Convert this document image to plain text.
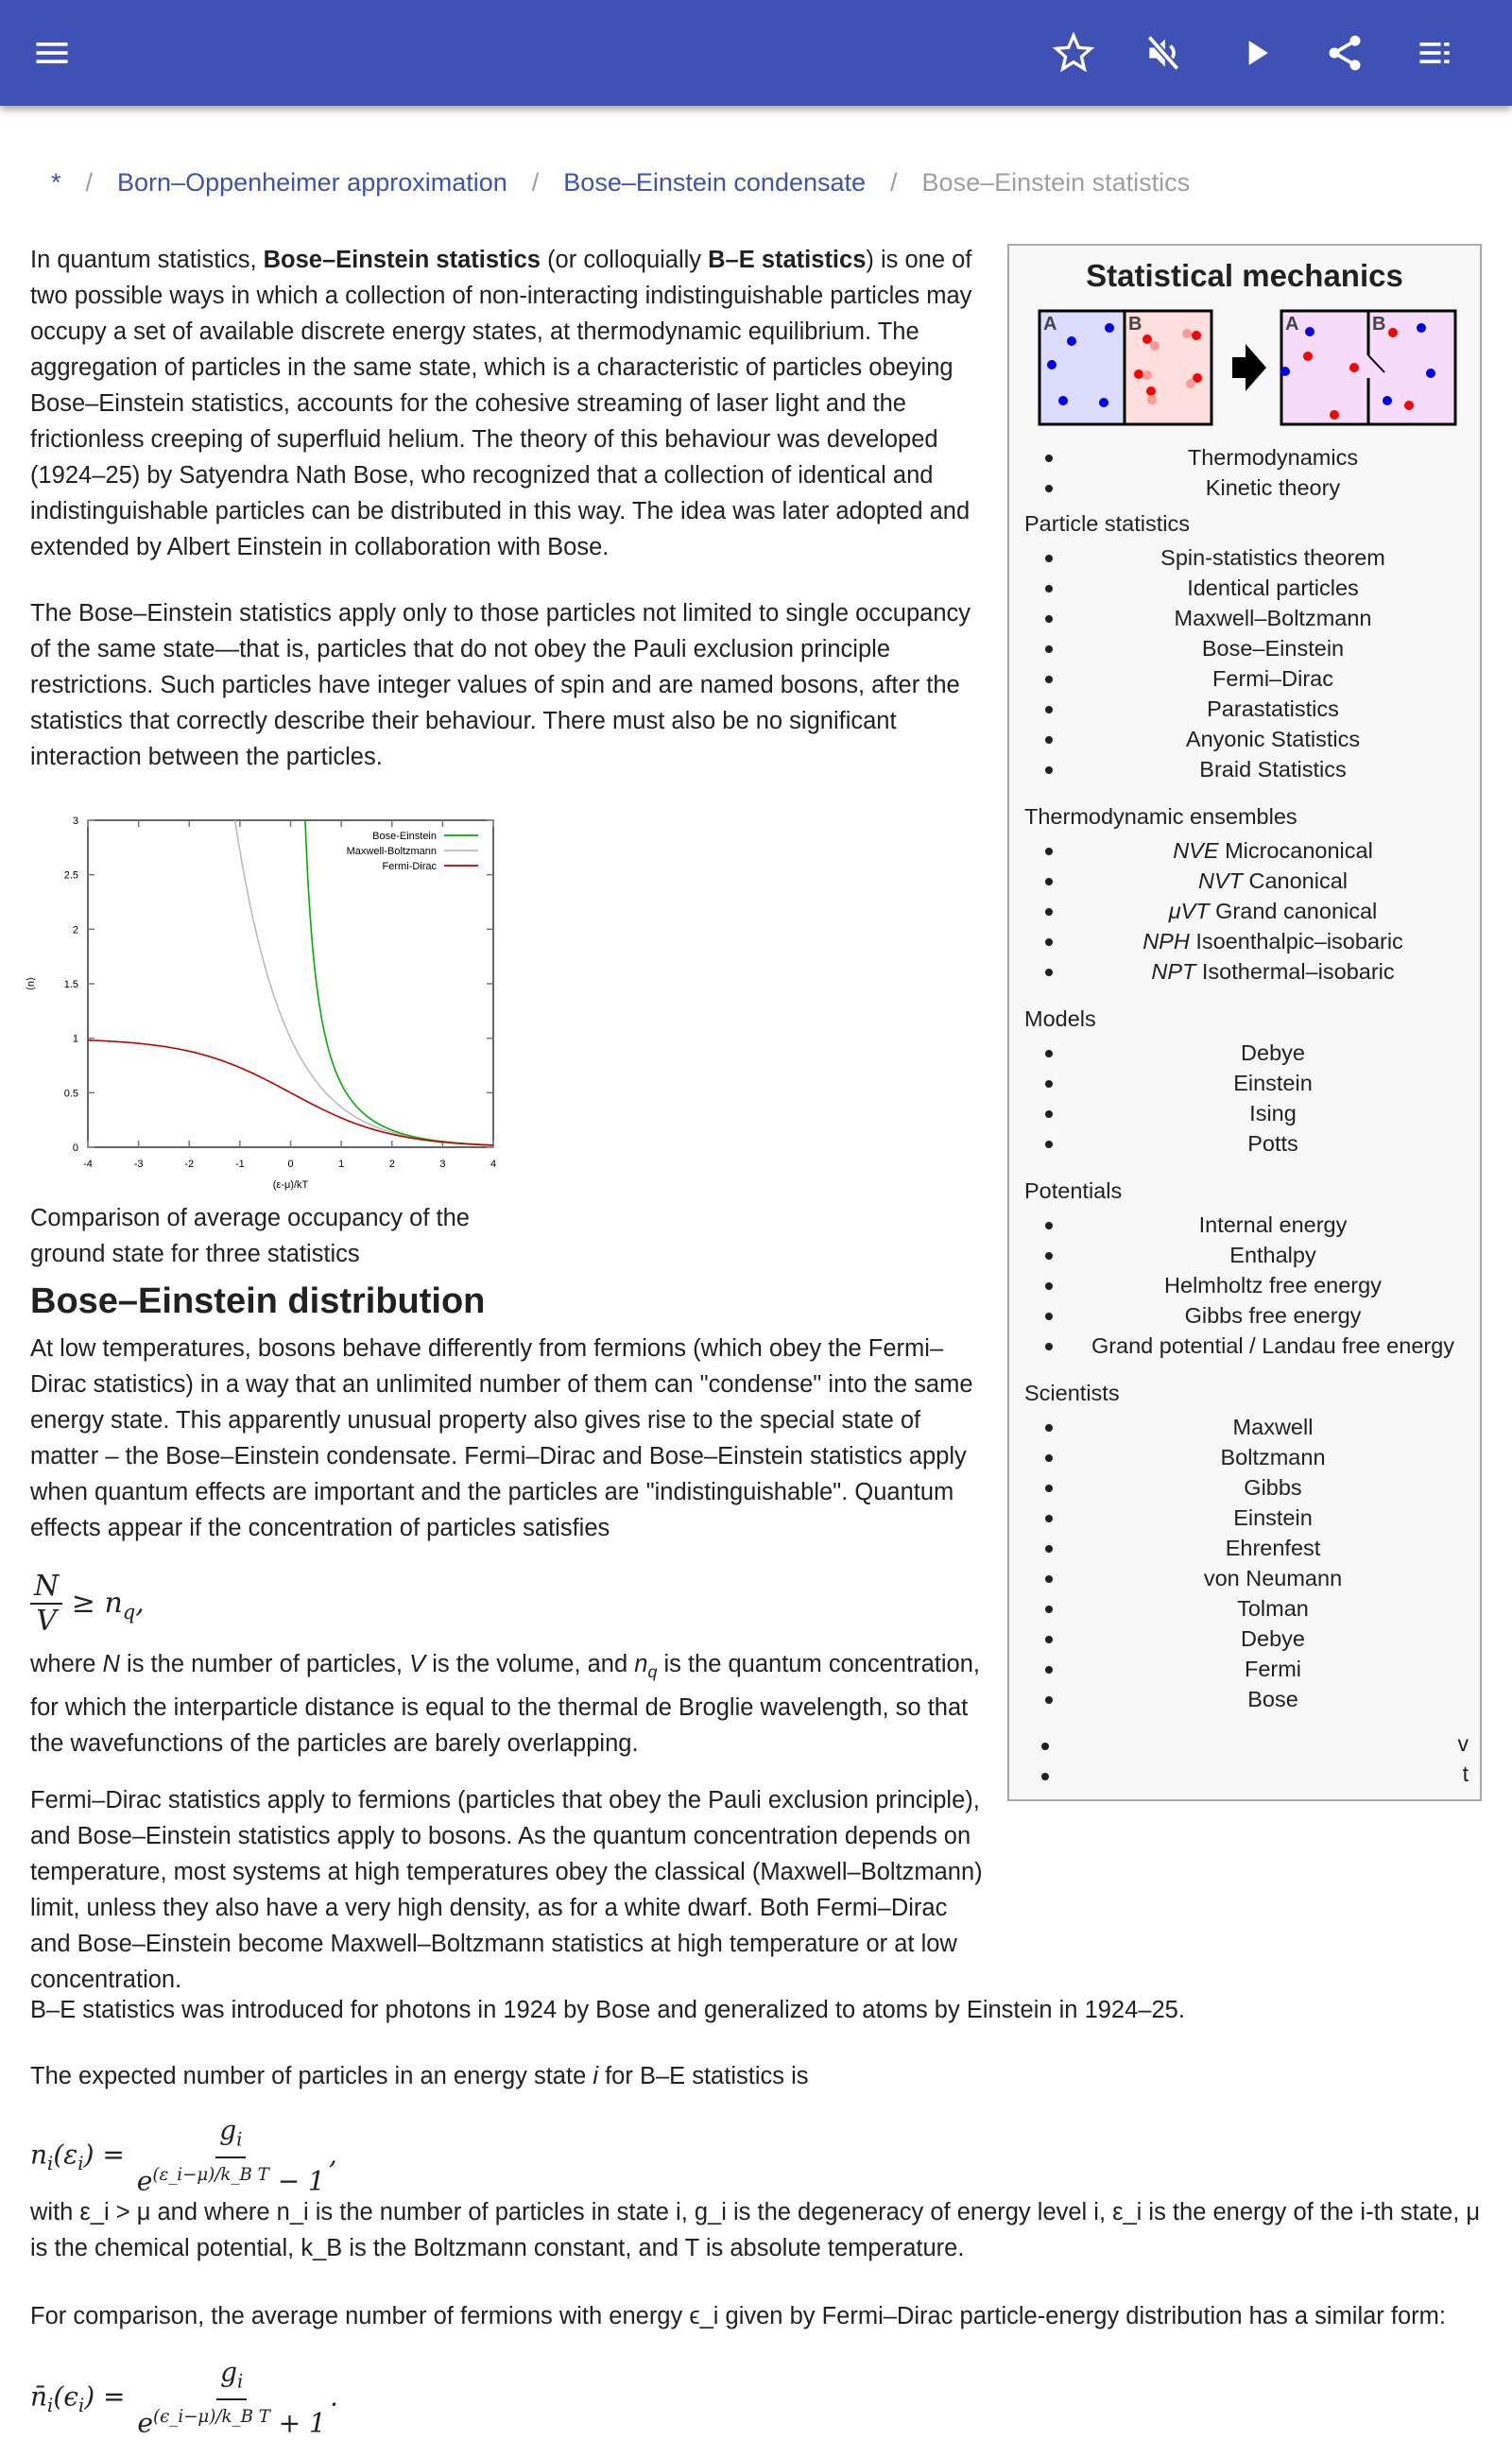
* / Born–Oppenheimer approximation / Bose–Einstein condensate / Bose–Einstein statistics

In quantum statistics, Bose–Einstein statistics (or colloquially B–E statistics) is one of two possible ways in which a collection of non-interacting indistinguishable particles may occupy a set of available discrete energy states, at thermodynamic equilibrium. The aggregation of particles in the same state, which is a characteristic of particles obeying Bose–Einstein statistics, accounts for the cohesive streaming of laser light and the frictionless creeping of superfluid helium. The theory of this behaviour was developed (1924–25) by Satyendra Nath Bose, who recognized that a collection of identical and indistinguishable particles can be distributed in this way. The idea was later adopted and extended by Albert Einstein in collaboration with Bose.

The Bose–Einstein statistics apply only to those particles not limited to single occupancy of the same state—that is, particles that do not obey the Pauli exclusion principle restrictions. Such particles have integer values of spin and are named bosons, after the statistics that correctly describe their behaviour. There must also be no significant interaction between the particles.

Statistical mechanics
A	B	A	B
Thermodynamics
Kinetic theory
Particle statistics
Spin-statistics theorem
Identical particles
Maxwell–Boltzmann
Bose–Einstein
Fermi–Dirac
Parastatistics
Anyonic Statistics
Braid Statistics
Thermodynamic ensembles
NVE Microcanonical
NVT Canonical
μVT Grand canonical
NPH Isoenthalpic–isobaric
NPT Isothermal–isobaric
Models
Debye
Einstein
Ising
Potts
Potentials
Internal energy
Enthalpy
Helmholtz free energy
Gibbs free energy
Grand potential / Landau free energy
Scientists
Maxwell
Boltzmann
Gibbs
Einstein
Ehrenfest
von Neumann
Tolman
Debye
Fermi
Bose
v
t
-4	-3	-2	-1	0	1	2	3	4
0
0.5
1
1.5
2
2.5
3
(ε-μ)/kT
⟨n⟩
Bose-Einstein
Maxwell-Boltzmann
Fermi-Dirac
Comparison of average occupancy of the ground state for three statistics
Bose–Einstein distribution

At low temperatures, bosons behave differently from fermions (which obey the Fermi–Dirac statistics) in a way that an unlimited number of them can "condense" into the same energy state. This apparently unusual property also gives rise to the special state of matter – the Bose–Einstein condensate. Fermi–Dirac and Bose–Einstein statistics apply when quantum effects are important and the particles are "indistinguishable". Quantum effects appear if the concentration of particles satisfies

$\frac{N}{V} \ge n_q$,

where N is the number of particles, V is the volume, and $n_q$ is the quantum concentration, for which the interparticle distance is equal to the thermal de Broglie wavelength, so that the wavefunctions of the particles are barely overlapping.

Fermi–Dirac statistics apply to fermions (particles that obey the Pauli exclusion principle), and Bose–Einstein statistics apply to bosons. As the quantum concentration depends on temperature, most systems at high temperatures obey the classical (Maxwell–Boltzmann) limit, unless they also have a very high density, as for a white dwarf. Both Fermi–Dirac and Bose–Einstein become Maxwell–Boltzmann statistics at high temperature or at low concentration.

B–E statistics was introduced for photons in 1924 by Bose and generalized to atoms by Einstein in 1924–25.

The expected number of particles in an energy state i for B–E statistics is

$n_i(\varepsilon_i) = \frac{g_i}{e^{(\varepsilon\_i-\mu)/k\_B T} - 1}$ ,

with ε_i > μ and where n_i is the number of particles in state i, g_i is the degeneracy of energy level i, ε_i is the energy of the i-th state, μ is the chemical potential, k_B is the Boltzmann constant, and T is absolute temperature.

For comparison, the average number of fermions with energy ϵ_i given by Fermi–Dirac particle-energy distribution has a similar form:

$n̄_i(\epsilon_i) = \frac{g_i}{e^{(\epsilon\_i-\mu)/k\_B T} + 1}$ .
